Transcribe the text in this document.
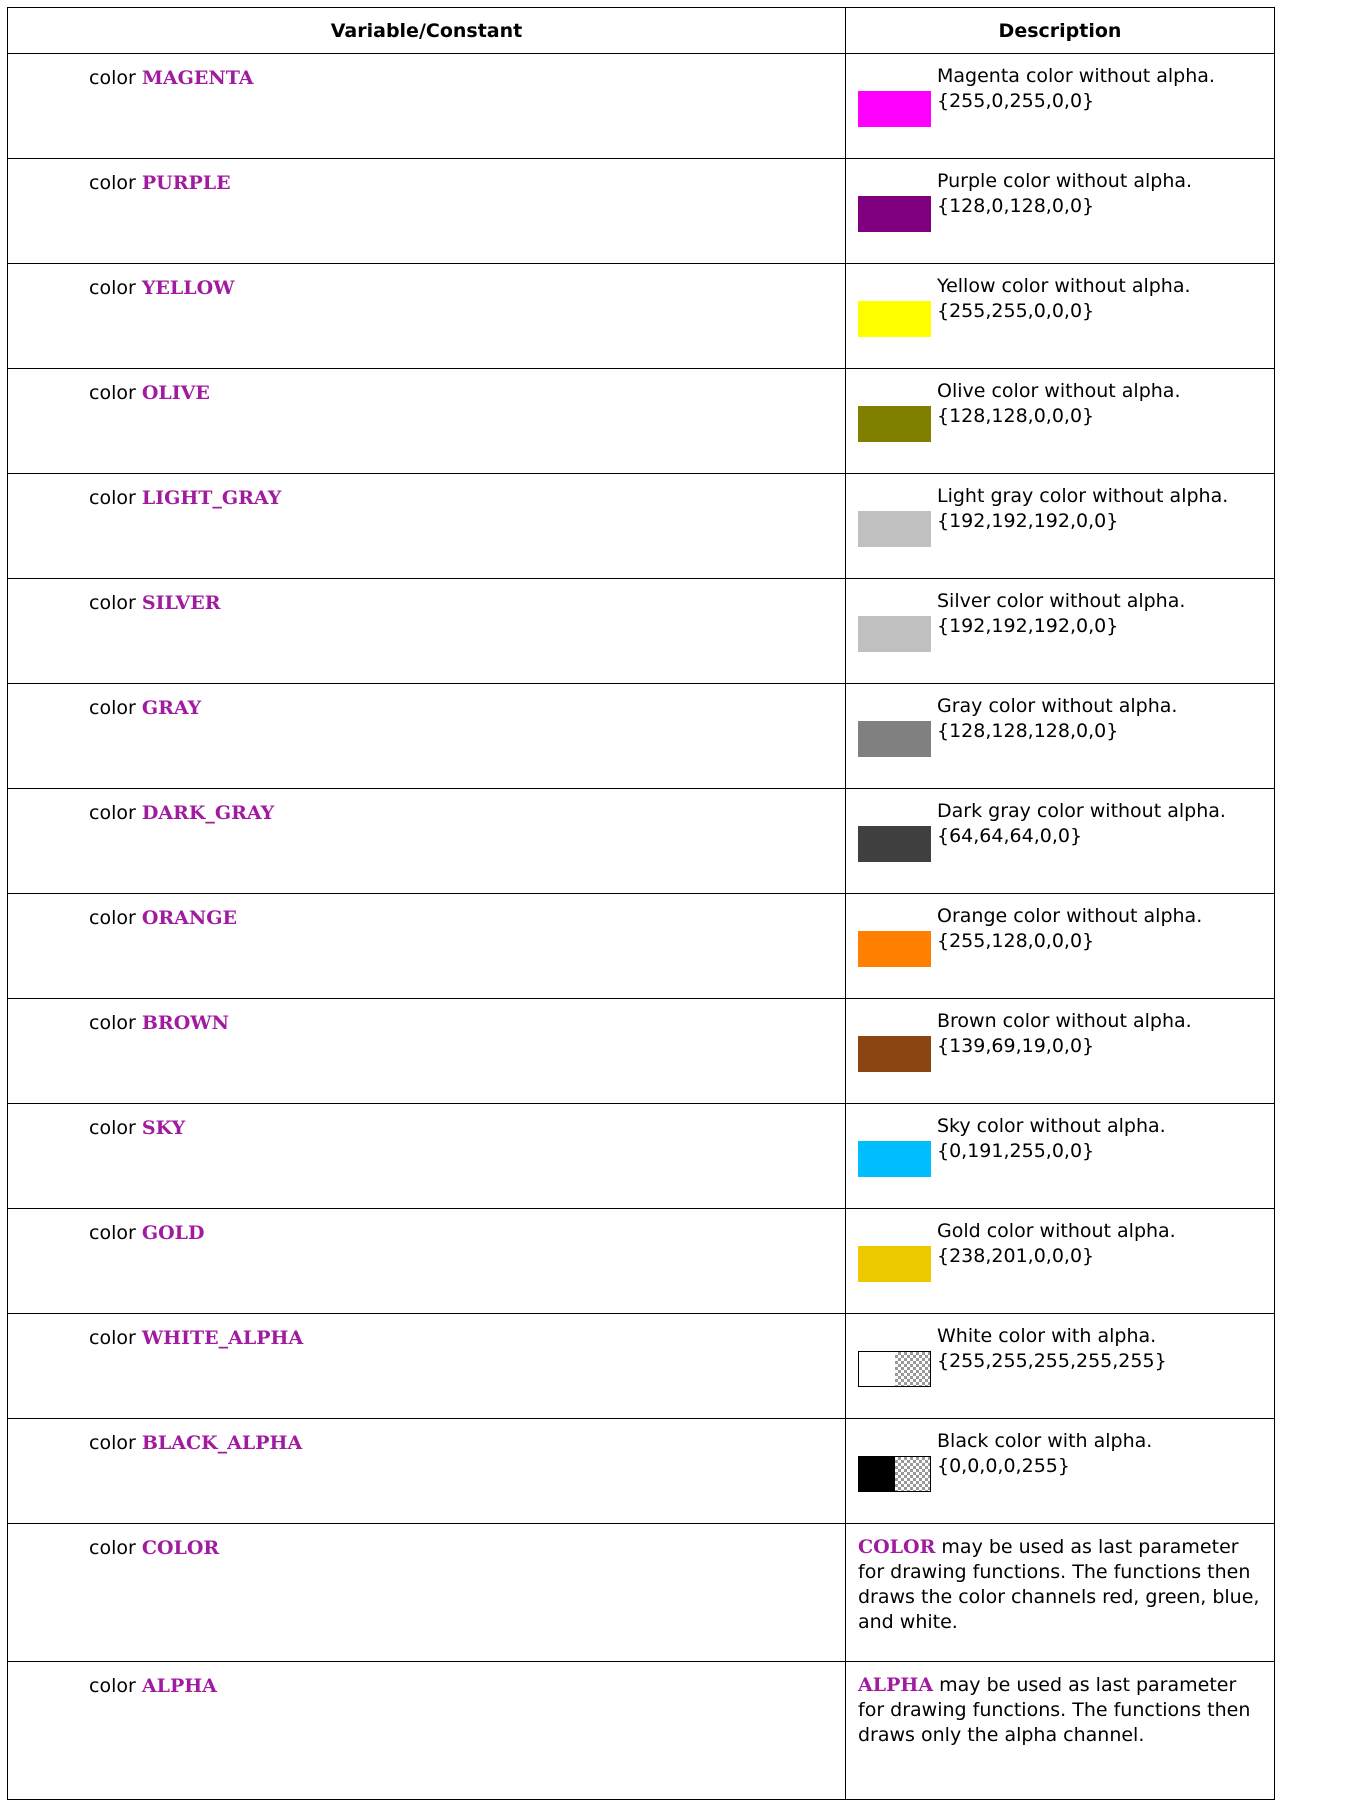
Variable/Constant	Description
color MAGENTA	Magenta color without alpha.
{255,0,255,0,0}

color PURPLE	Purple color without alpha.
{128,0,128,0,0}

color YELLOW	Yellow color without alpha.
{255,255,0,0,0}

color OLIVE	Olive color without alpha.
{128,128,0,0,0}

color LIGHT_GRAY	Light gray color without alpha.
{192,192,192,0,0}

color SILVER	Silver color without alpha.
{192,192,192,0,0}

color GRAY	Gray color without alpha.
{128,128,128,0,0}

color DARK_GRAY	Dark gray color without alpha.
{64,64,64,0,0}

color ORANGE	Orange color without alpha.
{255,128,0,0,0}

color BROWN	Brown color without alpha.
{139,69,19,0,0}

color SKY	Sky color without alpha.
{0,191,255,0,0}

color GOLD	Gold color without alpha.
{238,201,0,0,0}

color WHITE_ALPHA	White color with alpha.
{255,255,255,255,255}

color BLACK_ALPHA	Black color with alpha.
{0,0,0,0,255}

color COLOR	COLOR may be used as last parameter for drawing functions. The functions then draws the color channels red, green, blue, and white.
color ALPHA	ALPHA may be used as last parameter for drawing functions. The functions then draws only the alpha channel.
